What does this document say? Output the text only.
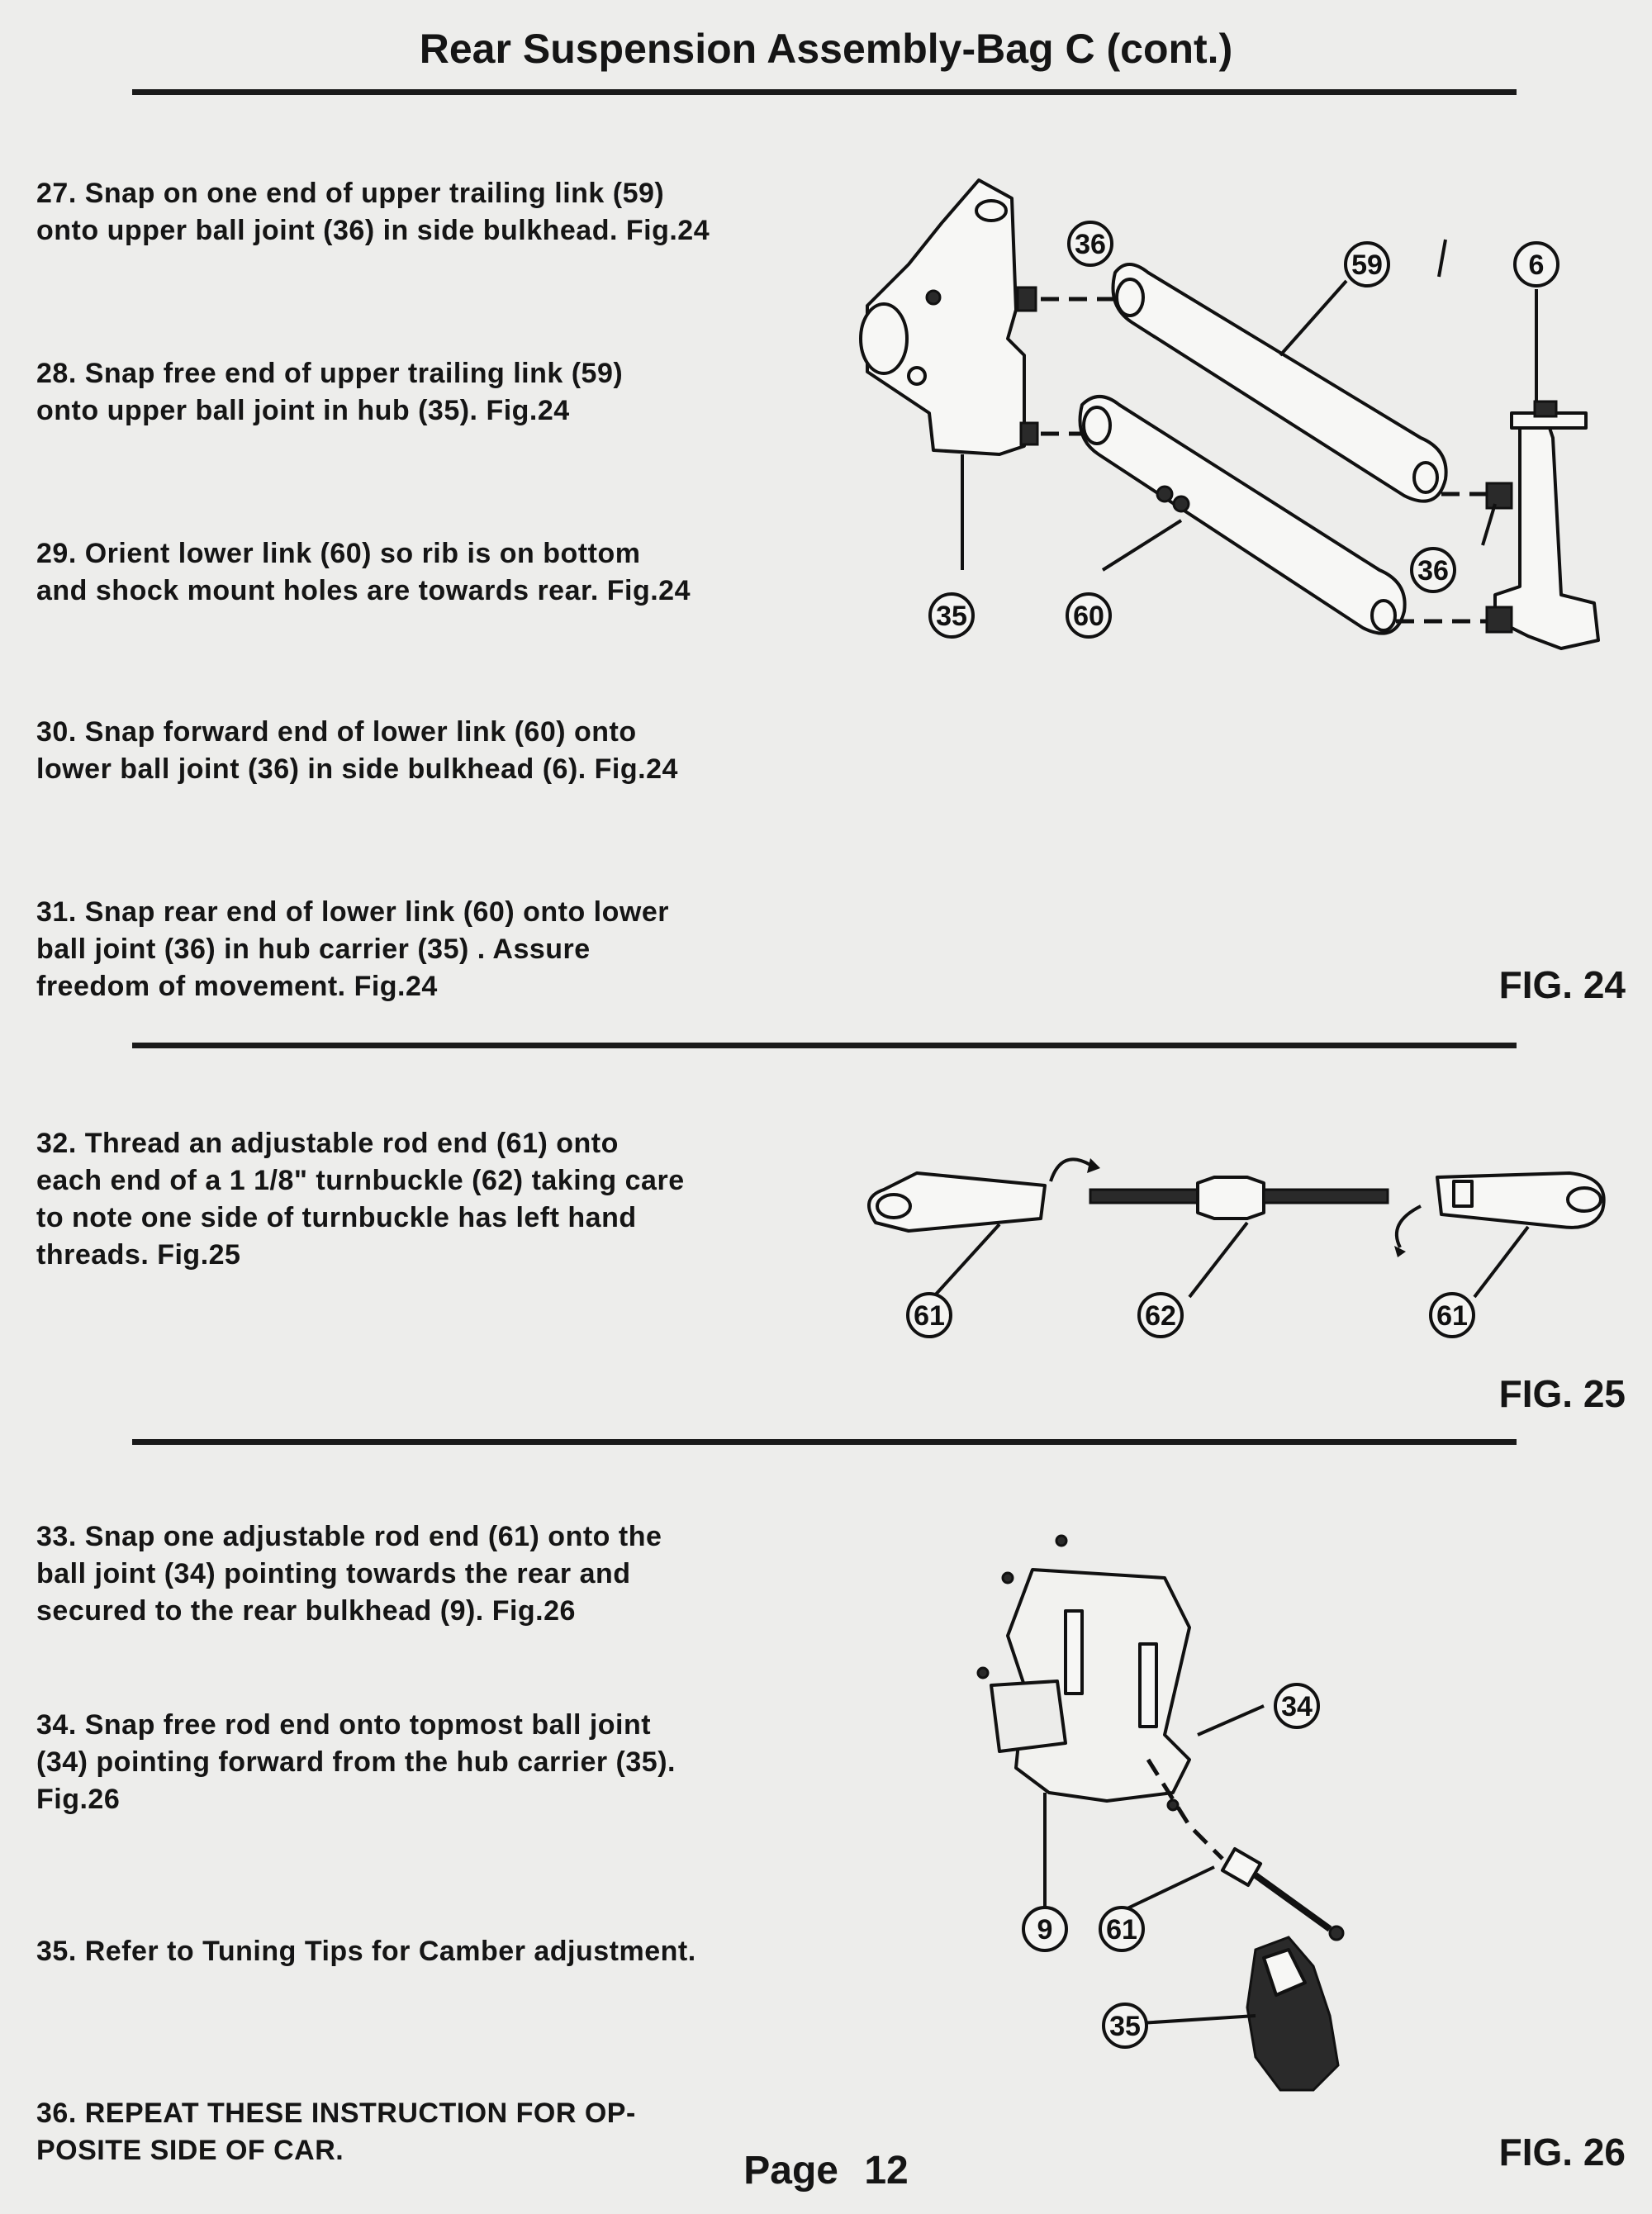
Rear Suspension Assembly-Bag C (cont.)
27. Snap on one end of upper trailing link (59)
onto upper ball joint (36) in side bulkhead. Fig.24
28. Snap free end of upper trailing link (59)
onto upper ball joint in hub (35). Fig.24
29. Orient lower link (60) so rib is on bottom
and shock mount holes are towards rear. Fig.24
30. Snap forward end of lower link (60) onto
lower ball joint (36) in side bulkhead (6). Fig.24
31. Snap rear end of lower link (60) onto lower
ball joint (36) in hub carrier (35) . Assure
freedom of movement. Fig.24
36
59	6
36
35	60
FIG. 24
32. Thread an adjustable rod end (61) onto
each end of a 1 1/8" turnbuckle (62) taking care
to note one side of turnbuckle has left hand
threads. Fig.25
61	62	61
FIG. 25
33. Snap one adjustable rod end (61) onto the
ball joint (34) pointing towards the rear and
secured to the rear bulkhead (9). Fig.26
34. Snap free rod end onto topmost ball joint
(34) pointing forward from the hub carrier (35).
Fig.26
35. Refer to Tuning Tips for Camber adjustment.
36. REPEAT THESE INSTRUCTION FOR OP-
POSITE SIDE OF CAR.
34
9 61
35
FIG. 26
Page 12
